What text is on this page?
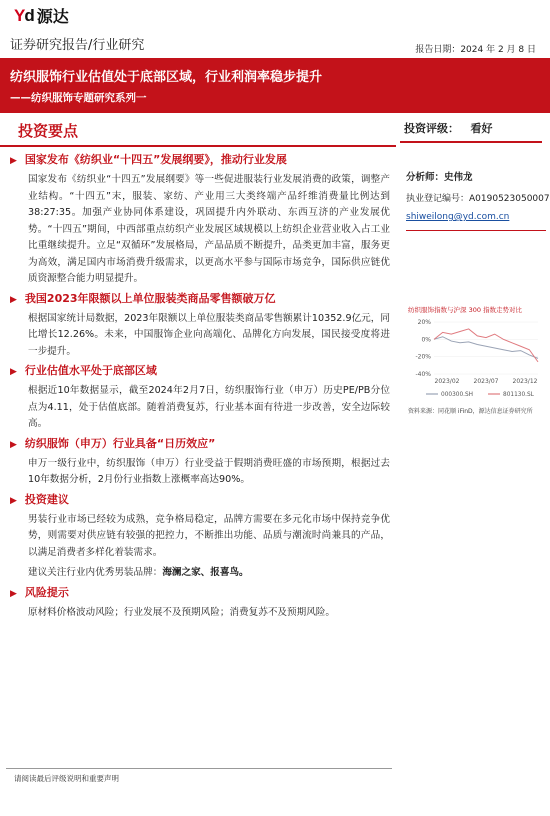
Yd 源达
证券研究报告/行业研究	报告日期：2024 年 2 月 8 日
纺织服饰行业估值处于底部区域，行业利润率稳步提升
——纺织服饰专题研究系列一
投资要点
▶ 国家发布《纺织业“十四五”发展纲要》，推动行业发展

国家发布《纺织业“十四五”发展纲要》等一些促进服装行业发展消费的政策，调整产业结构。“十四五”末，服装、家纺、产业用三大类终端产品纤维消费量比例达到38:27:35。加强产业协同体系建设，巩固提升内外联动、东西互济的产业发展优势。“十四五”期间，中西部重点纺织产业发展区域规模以上纺织企业营业收入占工业比重继续提升。立足“双循环”发展格局，产品品质不断提升，品类更加丰富，服务更为高效，满足国内市场消费升级需求，以更高水平参与国际市场竞争，国际供应链优质资源整合能力明显提升。

▶ 我国2023年限额以上单位服装类商品零售额破万亿

根据国家统计局数据，2023年限额以上单位服装类商品零售额累计10352.9亿元，同比增长12.26%。未来，中国服饰企业向高端化、品牌化方向发展，国民接受度将进一步提升。

▶ 行业估值水平处于底部区域

根据近10年数据显示，截至2024年2月7日，纺织服饰行业（申万）历史PE/PB分位点为4.11，处于估值底部。随着消费复苏，行业基本面有待进一步改善，安全边际较高。

▶ 纺织服饰（申万）行业具备“日历效应”

申万一级行业中，纺织服饰（申万）行业受益于假期消费旺盛的市场预期，根据过去10年数据分析，2月份行业指数上涨概率高达90%。

▶ 投资建议

男装行业市场已经较为成熟，竞争格局稳定，品牌方需要在多元化市场中保持竞争优势，则需要对供应链有较强的把控力，不断推出功能、品质与潮流时尚兼具的产品，以满足消费者多样化着装需求。

建议关注行业内优秀男装品牌：海澜之家、报喜鸟。

▶ 风险提示

原材料价格波动风险；行业发展不及预期风险；消费复苏不及预期风险。

投资评级： 看好
分析师：史伟龙
执业登记编号：A0190523050007
shiweilong@yd.com.cn
纺织服饰指数与沪深 300 指数走势对比
20%
0%
-20%
-40%
2023/02 2023/07 2023/12
000300.SH	801130.SL
资料来源：同花顺 iFinD，源达信息证券研究所
请阅读最后评级说明和重要声明
